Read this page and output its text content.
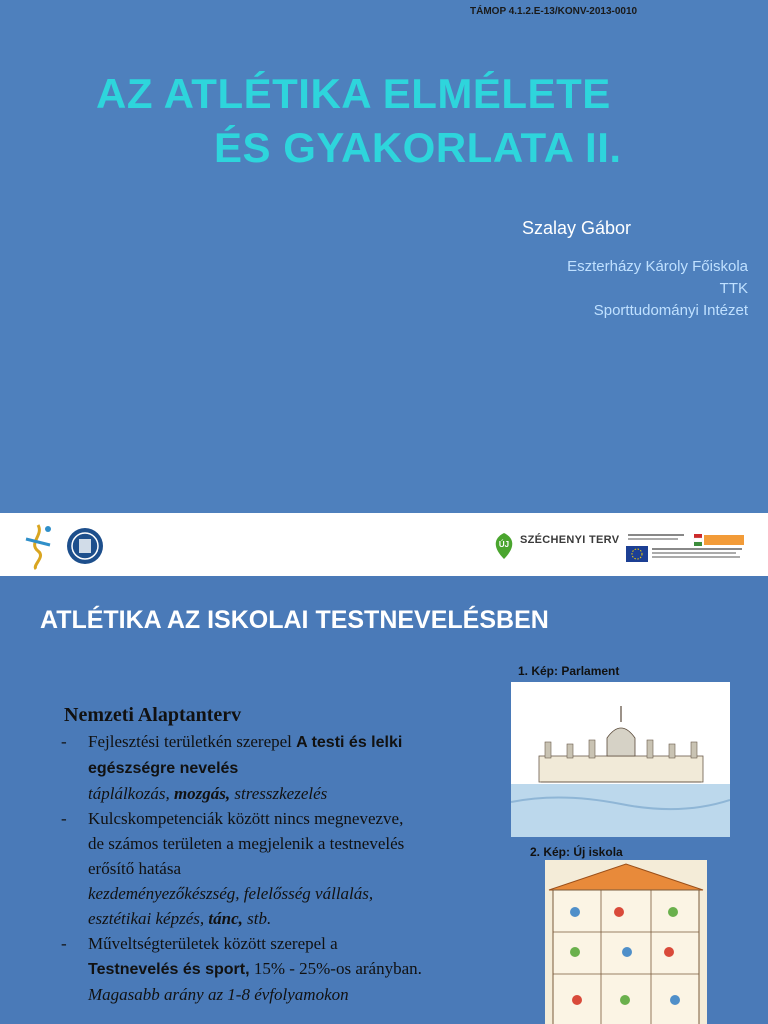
TÁMOP 4.1.2.E-13/KONV-2013-0010
AZ ATLÉTIKA ELMÉLETE
ÉS GYAKORLATA II.
Szalay Gábor
Eszterházy Károly Főiskola
TTK
Sporttudományi Intézet
ÚJ SZÉCHENYI TERV
ATLÉTIKA AZ ISKOLAI TESTNEVELÉSBEN
1. Kép: Parlament
2. Kép: Új iskola
Nemzeti Alaptanterv
-	Fejlesztési területkén szerepel A testi és lelki
egészségre nevelés
táplálkozás, mozgás, stresszkezelés
-	Kulcskompetenciák között nincs megnevezve,
de számos területen a megjelenik a testnevelés
erősítő hatása
kezdeményezőkészség, felelősség vállalás,
esztétikai képzés, tánc, stb.
-	Műveltségterületek között szerepel a
Testnevelés és sport, 15% - 25%-os arányban.
Magasabb arány az 1-8 évfolyamokon
